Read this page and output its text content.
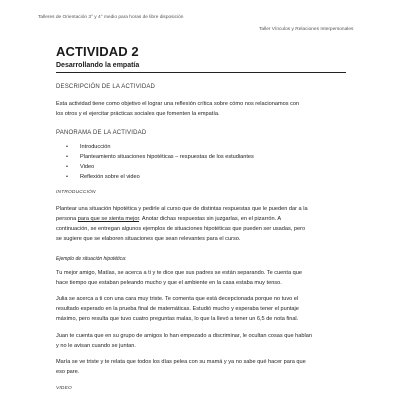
Talleres de Orientación 3° y 4° medio para horas de libre disposición
Taller Vínculos y Relaciones Interpersonales
ACTIVIDAD 2
Desarrollando la empatía
DESCRIPCIÓN DE LA ACTIVIDAD
Esta actividad tiene como objetivo el lograr una reflexión crítica sobre cómo nos relacionamos con
los otros y el ejercitar prácticas sociales que fomenten la empatía.
PANORAMA DE LA ACTIVIDAD
• Introducción
• Planteamiento situaciones hipotéticas – respuestas de los estudiantes
• Video
• Reflexión sobre el video
INTRODUCCIÓN
Plantear una situación hipotética y pedirle al curso que de distintas respuestas que le pueden dar a la
persona para que se sienta mejor. Anotar dichas respuestas sin juzgarlas, en el pizarrón. A
continuación, se entregan algunos ejemplos de situaciones hipotéticas que pueden ser usadas, pero
se sugiere que se elaboren situaciones que sean relevantes para el curso.
Ejemplo de situación hipotética:
Tu mejor amigo, Matías, se acerca a ti y te dice que sus padres se están separando. Te cuenta que
hace tiempo que estaban peleando mucho y que el ambiente en la casa estaba muy tenso.
Julia se acerca a ti con una cara muy triste. Te comenta que está decepcionada porque no tuvo el
resultado esperado en la prueba final de matemáticas. Estudió mucho y esperaba tener el puntaje
máximo, pero resulta que tuvo cuatro preguntas malas, lo que la llevó a tener un 6,5 de nota final.
Juan te cuenta que en su grupo de amigos lo han empezado a discriminar, le ocultan cosas que hablan
y no le avisan cuando se juntan.
María se ve triste y te relata que todos los días pelea con su mamá y ya no sabe qué hacer para que
eso pare.
VIDEO
